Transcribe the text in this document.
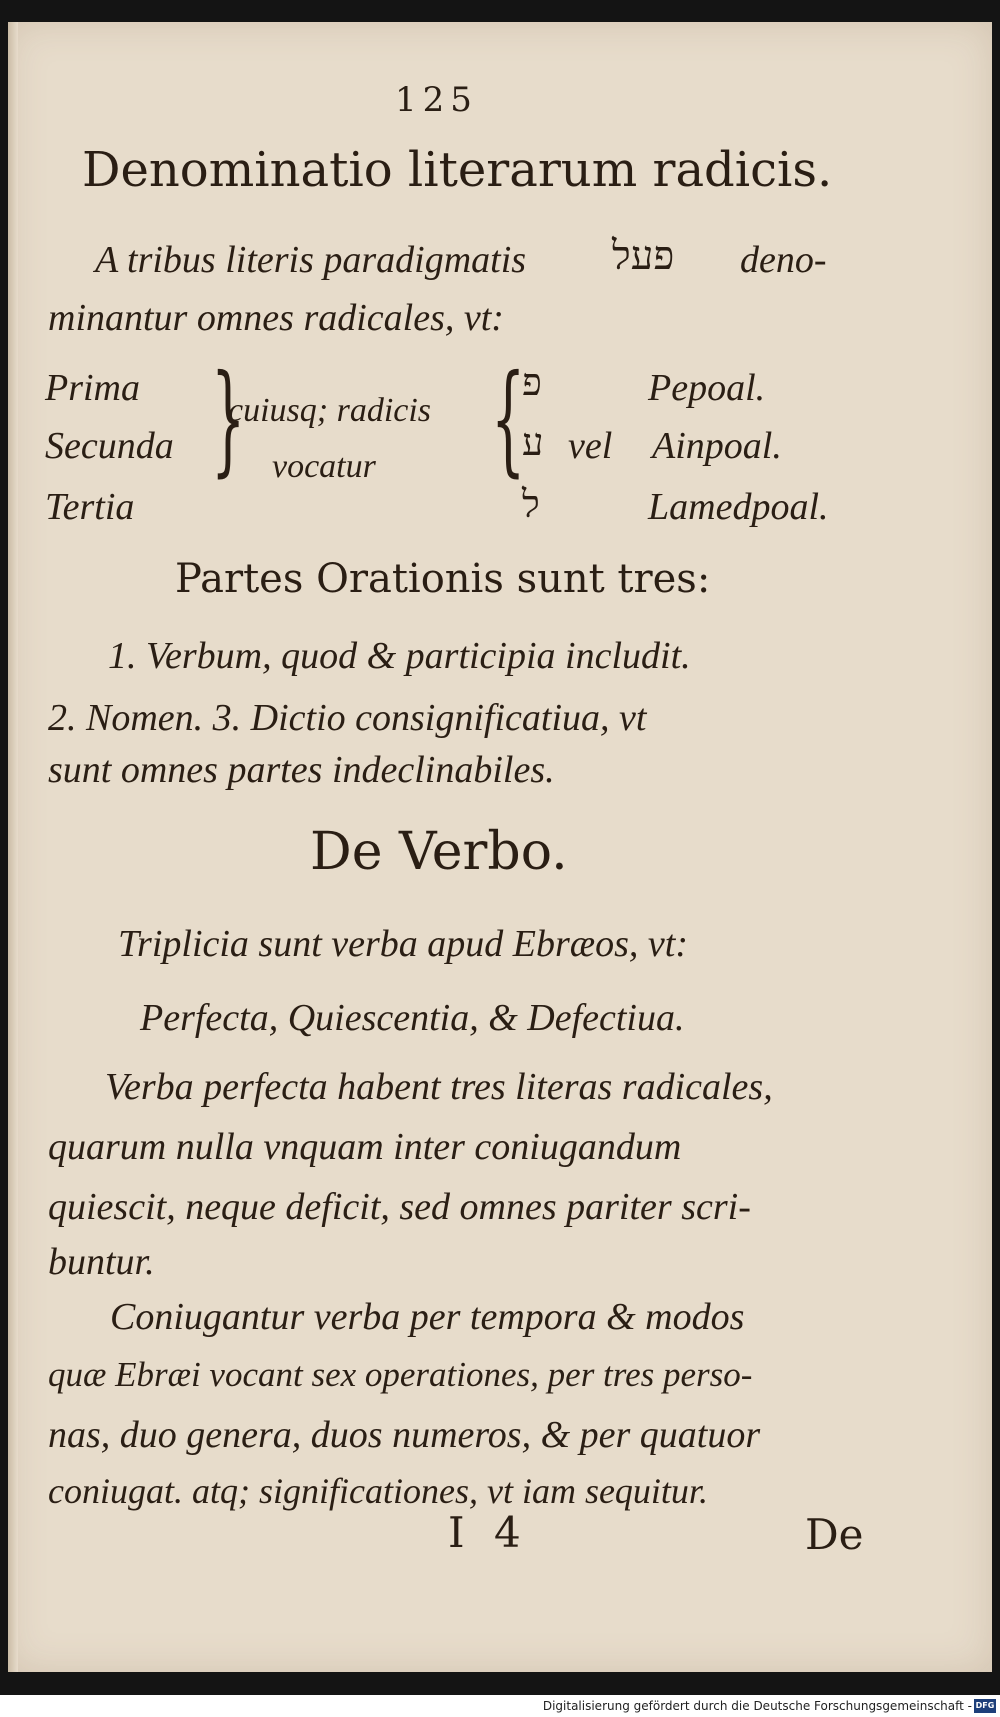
125
Denominatio literarum radicis.
A tribus literis paradigmatis פעל deno-
minantur omnes radicales, vt:
Prima
Secunda
Tertia
}
cuiusq; radicis
vocatur {
פ
ע
ל
vel
Pepoal.
Ainpoal.
Lamedpoal.
Partes Orationis sunt tres:
1. Verbum, quod & participia includit.
2. Nomen. 3. Dictio consignificatiua, vt
sunt omnes partes indeclinabiles.
De Verbo.
Triplicia sunt verba apud Ebræos, vt:
Perfecta, Quiescentia, & Defectiua.
Verba perfecta habent tres literas radicales,
quarum nulla vnquam inter coniugandum
quiescit, neque deficit, sed omnes pariter scri-
buntur.
Coniugantur verba per tempora & modos
quæ Ebræi vocant sex operationes, per tres perso-
nas, duo genera, duos numeros, & per quatuor
coniugat. atq; significationes, vt iam sequitur.
I 4	De
Digitalisierung gefördert durch die Deutsche Forschungsgemeinschaft - DFG
